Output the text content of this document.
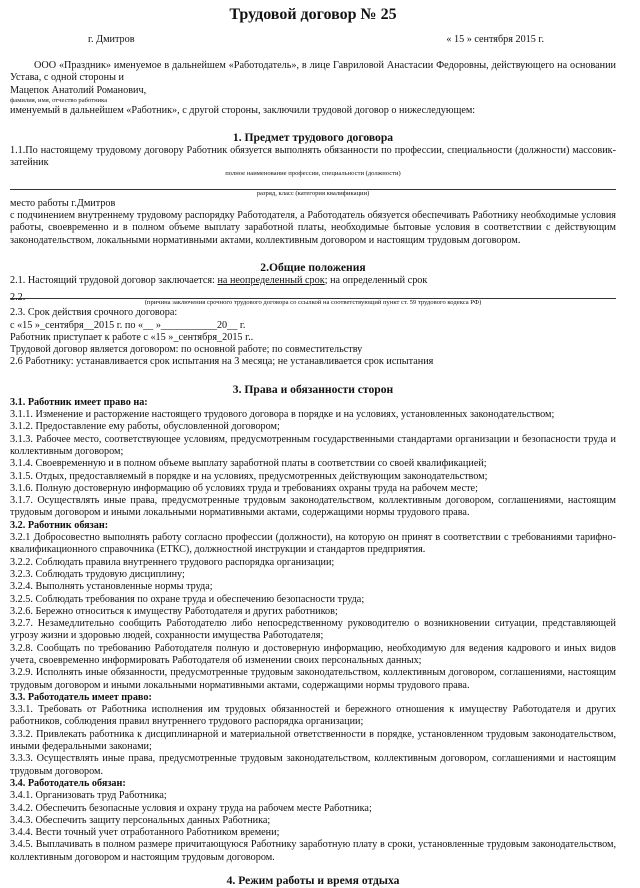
Трудовой договор № 25
г. Дмитров	« 15 » сентября 2015 г.

ООО «Праздник» именуемое в дальнейшем «Работодатель», в лице Гавриловой Анастасии Федоровны, действующего на основании Устава, с одной стороны и

Мацепок Анатолий Романович,

фамилия, имя, отчество работника

именуемый в дальнейшем «Работник», с другой стороны, заключили трудовой договор о нижеследующем:

1. Предмет трудового договора

1.1.По настоящему трудовому договору Работник обязуется выполнять обязанности по профессии, специальности (должности) массовик-затейник

полное наименование профессии, специальности (должности)

разряд, класс (категория квалификации)

место работы г.Дмитров

с подчинением внутреннему трудовому распорядку Работодателя, а Работодатель обязуется обеспечивать Работнику необходимые условия работы, своевременно и в полном объеме выплату заработной платы, необходимые бытовые условия в соответствии с действующим законодательством, локальными нормативными актами, коллективным договором и настоящим трудовым договором.

2.Общие положения

2.1. Настоящий трудовой договор заключается: на неопределенный срок; на определенный срок

2.2.	(причина заключения срочного трудового договора со ссылкой на соответствующий пункт ст. 59 трудового кодекса РФ)

2.3. Срок действия срочного договора:

с «15 »_сентября__2015 г. по «__ »___________20__ г.

Работник приступает к работе с «15 »_сентября_2015 г..

Трудовой договор является договором: по основной работе; по совместительству

2.6 Работнику: устанавливается срок испытания на 3 месяца; не устанавливается срок испытания

3. Права и обязанности сторон

3.1. Работник имеет право на:

3.1.1. Изменение и расторжение настоящего трудового договора в порядке и на условиях, установленных законодательством;

3.1.2. Предоставление ему работы, обусловленной договором;

3.1.3. Рабочее место, соответствующее условиям, предусмотренным государственными стандартами организации и безопасности труда и коллективным договором;

3.1.4. Своевременную и в полном объеме выплату заработной платы в соответствии со своей квалификацией;

3.1.5. Отдых, предоставляемый в порядке и на условиях, предусмотренных действующим законодательством;

3.1.6. Полную достоверную информацию об условиях труда и требованиях охраны труда на рабочем месте;

3.1.7. Осуществлять иные права, предусмотренные трудовым законодательством, коллективным договором, соглашениями, настоящим трудовым договором и иными локальными нормативными актами, содержащими нормы трудового права.

3.2. Работник обязан:

3.2.1 Добросовестно выполнять работу согласно профессии (должности), на которую он принят в соответствии с требованиями тарифно-квалификационного справочника (ЕТКС), должностной инструкции и стандартов предприятия.

3.2.2. Соблюдать правила внутреннего трудового распорядка организации;

3.2.3. Соблюдать трудовую дисциплину;

3.2.4. Выполнять установленные нормы труда;

3.2.5. Соблюдать требования по охране труда и обеспечению безопасности труда;

3.2.6. Бережно относиться к имуществу Работодателя и других работников;

3.2.7. Незамедлительно сообщить Работодателю либо непосредственному руководителю о возникновении ситуации, представляющей угрозу жизни и здоровью людей, сохранности имущества Работодателя;

3.2.8. Сообщать по требованию Работодателя полную и достоверную информацию, необходимую для ведения кадрового и иных видов учета, своевременно информировать Работодателя об изменении своих персональных данных;

3.2.9. Исполнять иные обязанности, предусмотренные трудовым законодательством, коллективным договором, соглашениями, настоящим трудовым договором и иными локальными нормативными актами, содержащими нормы трудового права.

3.3. Работодатель имеет право:

3.3.1. Требовать от Работника исполнения им трудовых обязанностей и бережного отношения к имуществу Работодателя и других работников, соблюдения правил внутреннего трудового распорядка организации;

3.3.2. Привлекать работника к дисциплинарной и материальной ответственности в порядке, установленном трудовым законодательством, иными федеральными законами;

3.3.3. Осуществлять иные права, предусмотренные трудовым законодательством, коллективным договором, соглашениями и настоящим трудовым договором.

3.4. Работодатель обязан:

3.4.1. Организовать труд Работника;

3.4.2. Обеспечить безопасные условия и охрану труда на рабочем месте Работника;

3.4.3. Обеспечить защиту персональных данных Работника;

3.4.4. Вести точный учет отработанного Работником времени;

3.4.5. Выплачивать в полном размере причитающуюся Работнику заработную плату в сроки, установленные трудовым законодательством, коллективным договором и настоящим трудовым договором.

4. Режим работы и время отдыха
